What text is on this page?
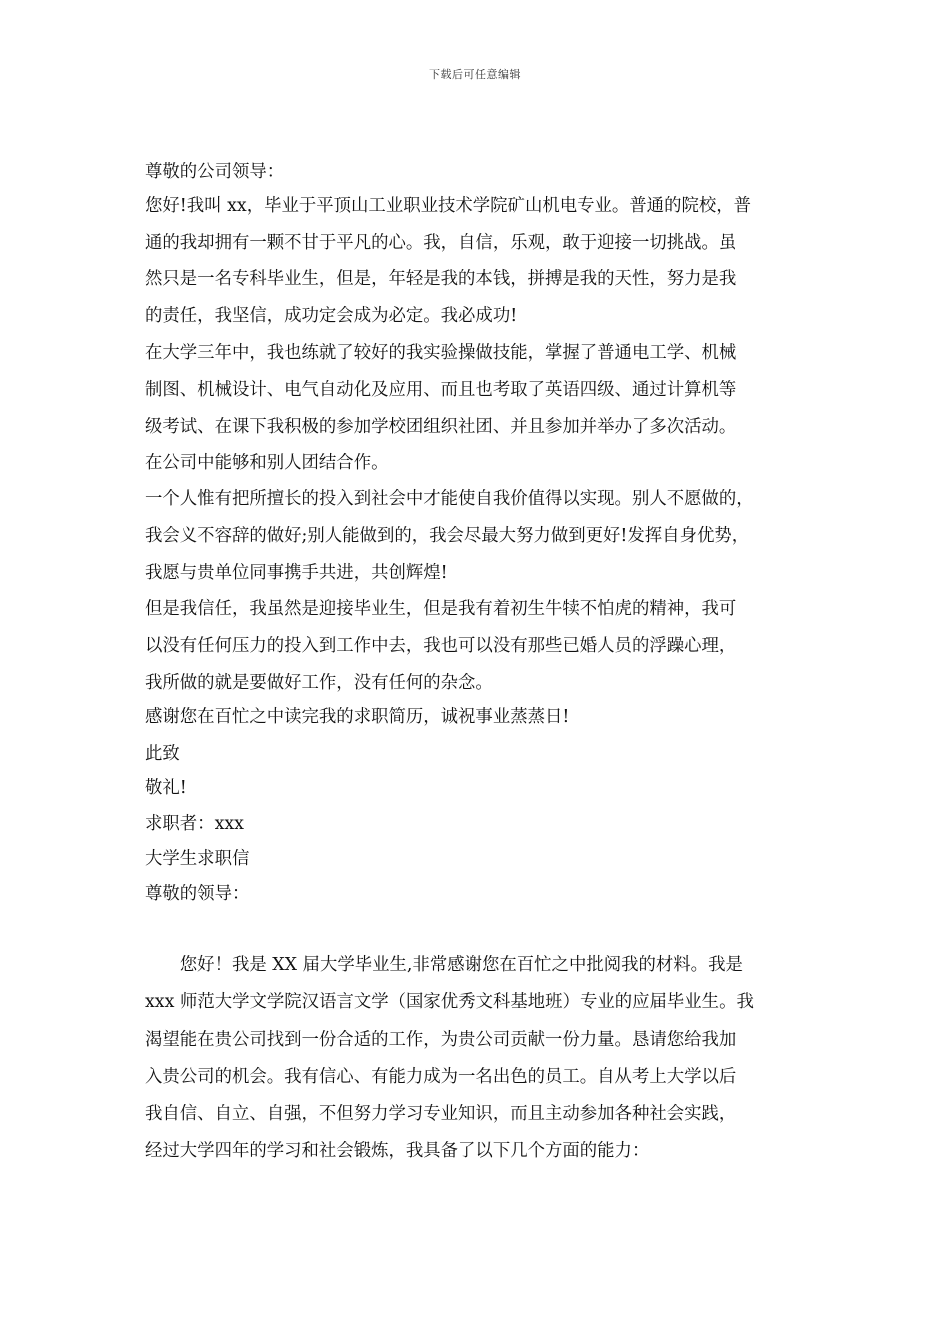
下载后可任意编辑
尊敬的公司领导：
您好!我叫 xx，毕业于平顶山工业职业技术学院矿山机电专业。普通的院校，普
通的我却拥有一颗不甘于平凡的心。我，自信，乐观，敢于迎接一切挑战。虽
然只是一名专科毕业生，但是，年轻是我的本钱，拼搏是我的天性，努力是我
的责任，我坚信，成功定会成为必定。我必成功!
在大学三年中，我也练就了较好的我实验操做技能，掌握了普通电工学、机械
制图、机械设计、电气自动化及应用、而且也考取了英语四级、通过计算机等
级考试、在课下我积极的参加学校团组织社团、并且参加并举办了多次活动。
在公司中能够和别人团结合作。
一个人惟有把所擅长的投入到社会中才能使自我价值得以实现。别人不愿做的，
我会义不容辞的做好;别人能做到的，我会尽最大努力做到更好!发挥自身优势，
我愿与贵单位同事携手共进，共创辉煌!
但是我信任，我虽然是迎接毕业生，但是我有着初生牛犊不怕虎的精神，我可
以没有任何压力的投入到工作中去，我也可以没有那些已婚人员的浮躁心理，
我所做的就是要做好工作，没有任何的杂念。
感谢您在百忙之中读完我的求职简历，诚祝事业蒸蒸日!
此致
敬礼!
求职者：xxx
大学生求职信
尊敬的领导：
　　您好！我是 XX 届大学毕业生,非常感谢您在百忙之中批阅我的材料。我是
xxx 师范大学文学院汉语言文学（国家优秀文科基地班）专业的应届毕业生。我
渴望能在贵公司找到一份合适的工作，为贵公司贡献一份力量。恳请您给我加
入贵公司的机会。我有信心、有能力成为一名出色的员工。自从考上大学以后
我自信、自立、自强，不但努力学习专业知识，而且主动参加各种社会实践，
经过大学四年的学习和社会锻炼，我具备了以下几个方面的能力：
